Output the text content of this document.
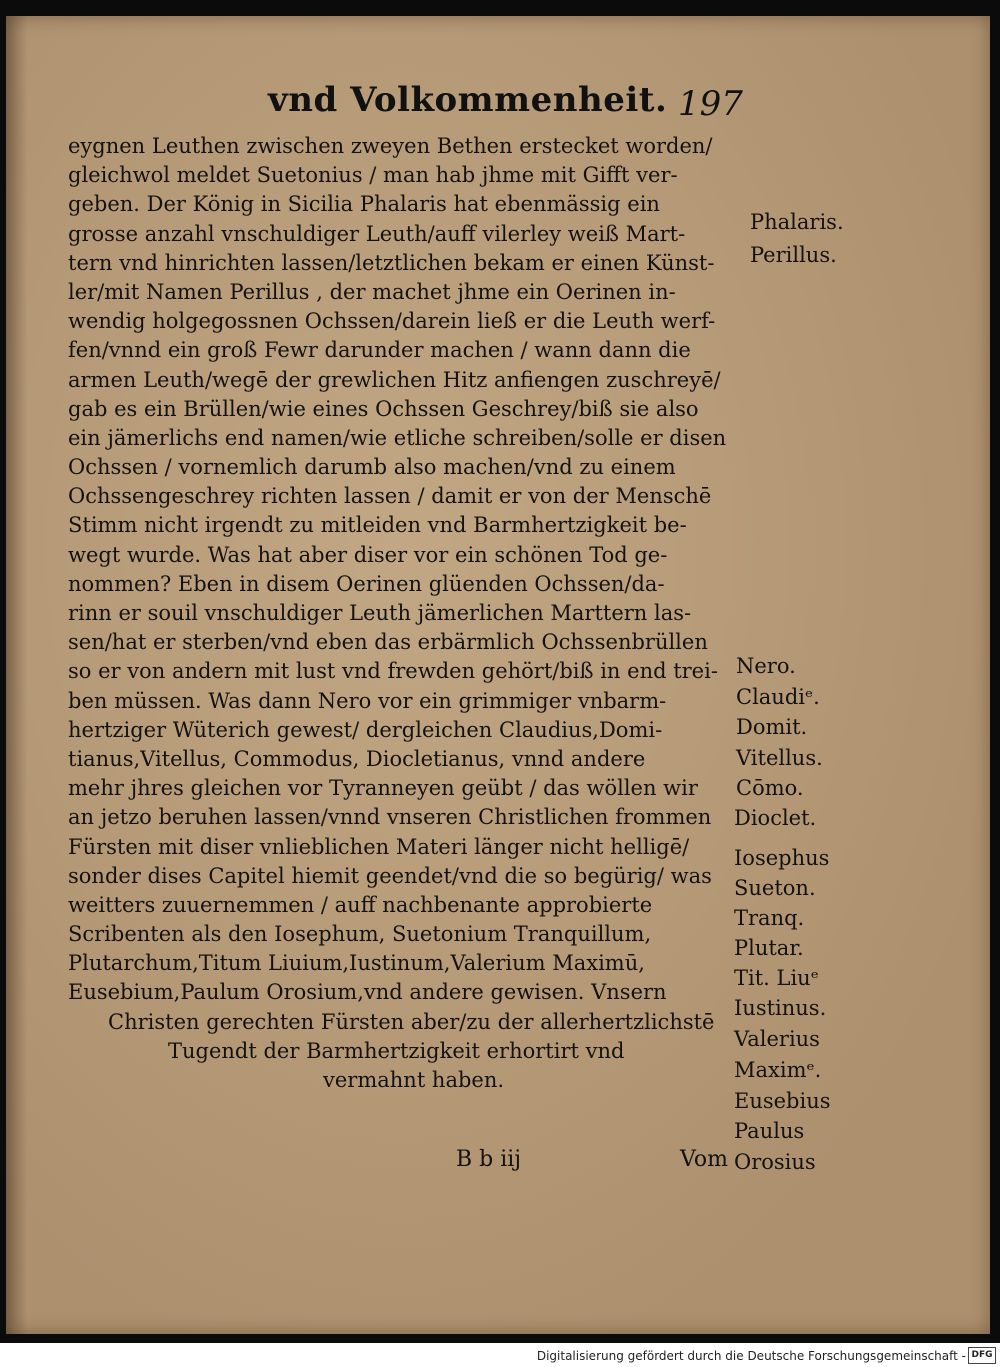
vnd Volkommenheit. 197
eygnen Leuthen zwischen zweyen Bethen erstecket worden/
gleichwol meldet Suetonius / man hab jhme mit Gifft ver-
geben. Der König in Sicilia Phalaris hat ebenmässig ein
grosse anzahl vnschuldiger Leuth/auff vilerley weiß Mart-
tern vnd hinrichten lassen/letztlichen bekam er einen Künst-
ler/mit Namen Perillus , der machet jhme ein Oerinen in-
wendig holgegossnen Ochssen/darein ließ er die Leuth werf-
fen/vnnd ein groß Fewr darunder machen / wann dann die
armen Leuth/wegē der grewlichen Hitz anfiengen zuschreyē/
gab es ein Brüllen/wie eines Ochssen Geschrey/biß sie also
ein jämerlichs end namen/wie etliche schreiben/solle er disen
Ochssen / vornemlich darumb also machen/vnd zu einem
Ochssengeschrey richten lassen / damit er von der Menschē
Stimm nicht irgendt zu mitleiden vnd Barmhertzigkeit be-
wegt wurde. Was hat aber diser vor ein schönen Tod ge-
nommen? Eben in disem Oerinen glüenden Ochssen/da-
rinn er souil vnschuldiger Leuth jämerlichen Marttern las-
sen/hat er sterben/vnd eben das erbärmlich Ochssenbrüllen
so er von andern mit lust vnd frewden gehört/biß in end trei-
ben müssen. Was dann Nero vor ein grimmiger vnbarm-
hertziger Wüterich gewest/ dergleichen Claudius,Domi-
tianus,Vitellus, Commodus, Diocletianus, vnnd andere
mehr jhres gleichen vor Tyranneyen geübt / das wöllen wir
an jetzo beruhen lassen/vnnd vnseren Christlichen frommen
Fürsten mit diser vnlieblichen Materi länger nicht helligē/
sonder dises Capitel hiemit geendet/vnd die so begürig/ was
weitters zuuernemmen / auff nachbenante approbierte
Scribenten als den Iosephum, Suetonium Tranquillum,
Plutarchum,Titum Liuium,Iustinum,Valerium Maximū,
Eusebium,Paulum Orosium,vnd andere gewisen. Vnsern
Christen gerechten Fürsten aber/zu der allerhertzlichstē
Tugendt der Barmhertzigkeit erhortirt vnd
vermahnt haben.
Phalaris.
Perillus.
Nero.
Claudiᵉ.
Domit.
Vitellus.
Cōmo.
Dioclet.
Iosephus
Sueton.
Tranq.
Plutar.
Tit. Liuᵉ
Iustinus.
Valerius
Maximᵉ.
Eusebius
Paulus
Orosius
B b iij	Vom
Digitalisierung gefördert durch die Deutsche Forschungsgemeinschaft - DFG
